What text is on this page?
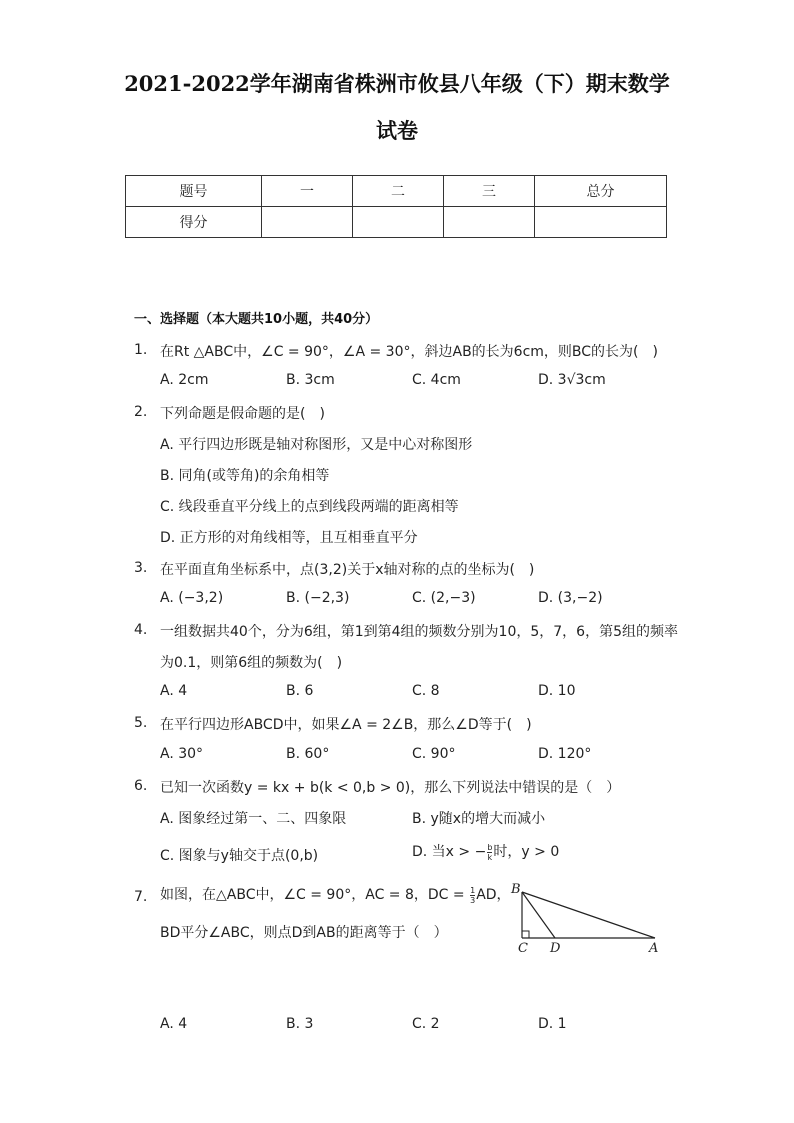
2021-2022学年湖南省株洲市攸县八年级（下）期末数学
试卷
题号	一	二	三	总分
得分				
一、选择题（本大题共10小题，共40分）
1. 在Rt △ABC中，∠C = 90°，∠A = 30°，斜边AB的长为6cm，则BC的长为(　)
A. 2cm	B. 3cm	C. 4cm	D. 3√3cm
2. 下列命题是假命题的是(　)
A. 平行四边形既是轴对称图形，又是中心对称图形
B. 同角(或等角)的余角相等
C. 线段垂直平分线上的点到线段两端的距离相等
D. 正方形的对角线相等，且互相垂直平分
3. 在平面直角坐标系中，点(3,2)关于x轴对称的点的坐标为(　)
A. (−3,2)	B. (−2,3)	C. (2,−3)	D. (3,−2)
4. 一组数据共40个，分为6组，第1到第4组的频数分别为10，5，7，6，第5组的频率
为0.1，则第6组的频数为(　)
A. 4	B. 6	C. 8	D. 10
5. 在平行四边形ABCD中，如果∠A = 2∠B，那么∠D等于(　)
A. 30°	B. 60°	C. 90°	D. 120°
6. 已知一次函数y = kx + b(k < 0,b > 0)，那么下列说法中错误的是（　）
A. 图象经过第一、二、四象限	B. y随x的增大而减小
C. 图象与y轴交于点(0,b)	D. 当x > − $\frac{b}{k}$ 时，y > 0
7. 如图，在△ABC中，∠C = 90°，AC = 8，DC = $\frac{1}{3}$ AD，
BD平分∠ABC，则点D到AB的距离等于（　）
B
C D	A
A. 4	B. 3	C. 2	D. 1
